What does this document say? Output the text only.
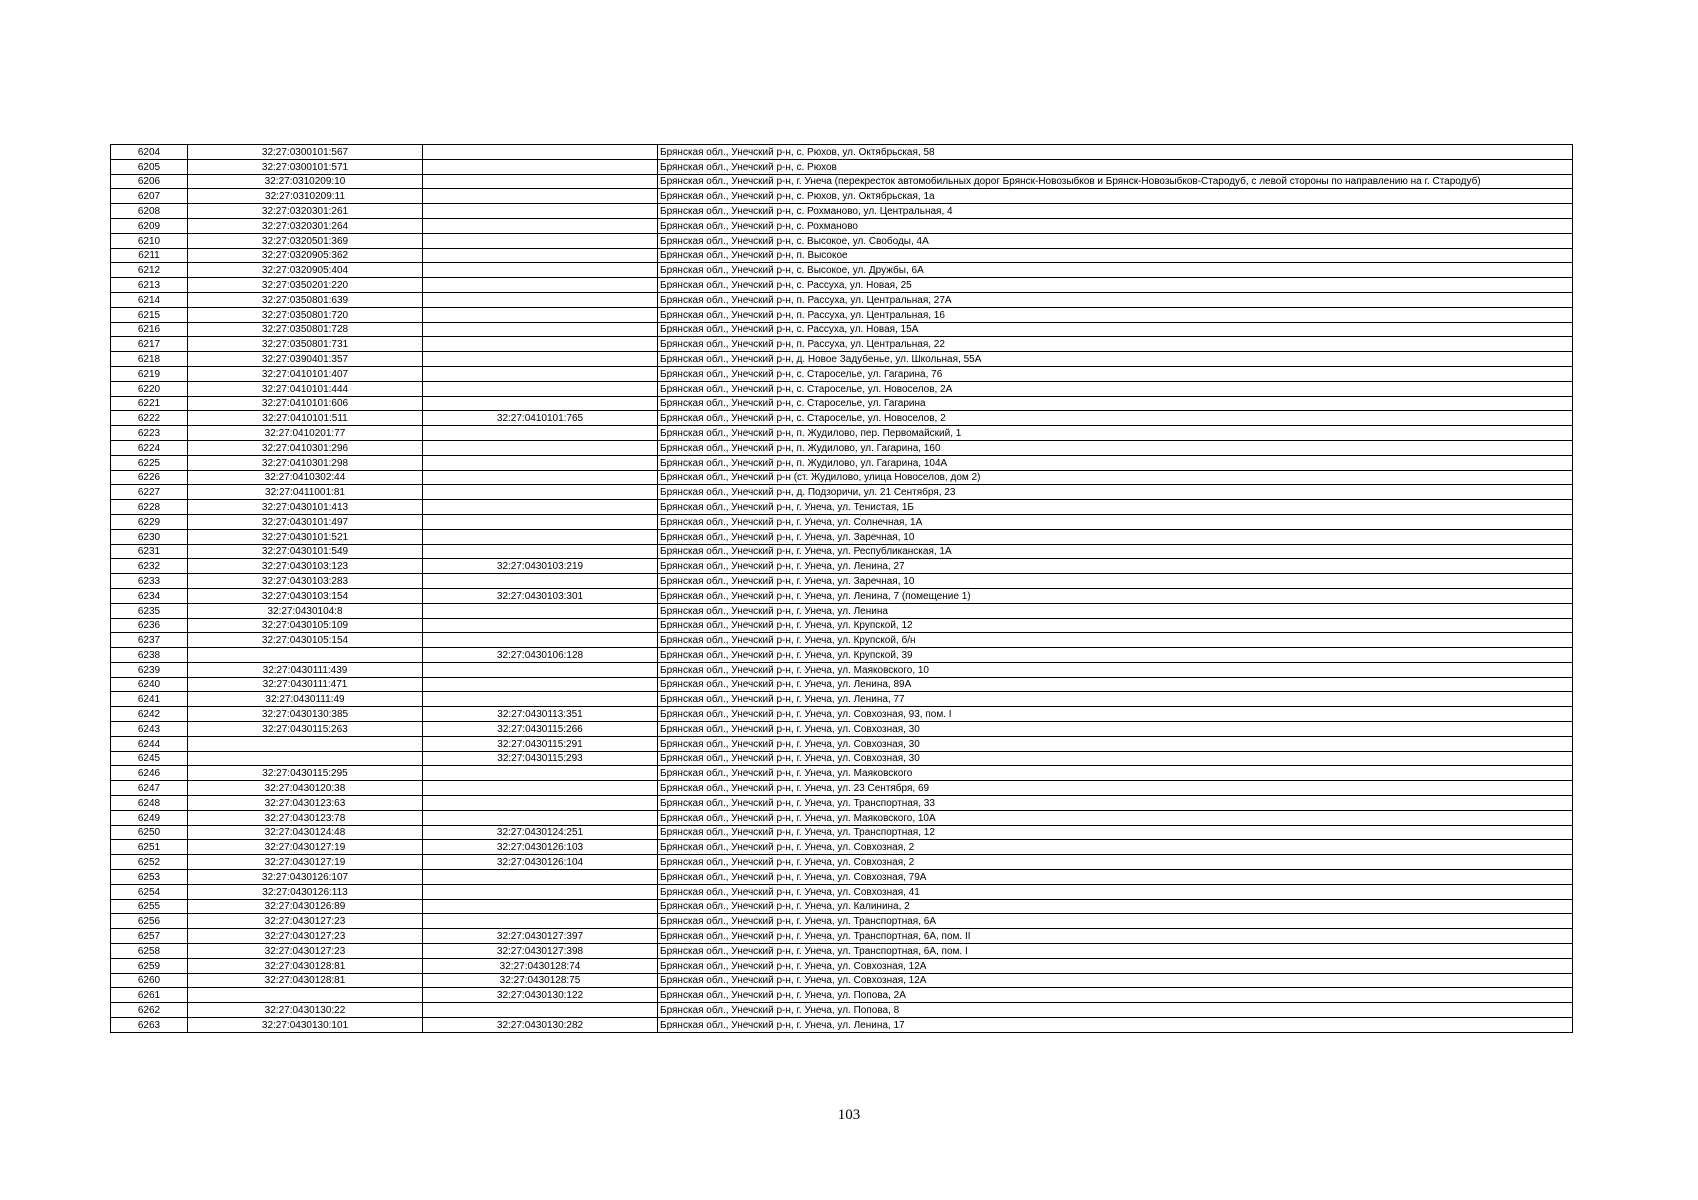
6204	32:27:0300101:567		Брянская обл., Унечский р-н, с. Рюхов, ул. Октябрьская, 58
6205	32:27:0300101:571		Брянская обл., Унечский р-н, с. Рюхов
6206	32:27:0310209:10		Брянская обл., Унечский р-н, г. Унеча (перекресток автомобильных дорог Брянск-Новозыбков и Брянск-Новозыбков-Стародуб, с левой стороны по направлению на г. Стародуб)
6207	32:27:0310209:11		Брянская обл., Унечский р-н, с. Рюхов, ул. Октябрьская, 1а
6208	32:27:0320301:261		Брянская обл., Унечский р-н, с. Рохманово, ул. Центральная, 4
6209	32:27:0320301:264		Брянская обл., Унечский р-н, с. Рохманово
6210	32:27:0320501:369		Брянская обл., Унечский р-н, с. Высокое, ул. Свободы, 4А
6211	32:27:0320905:362		Брянская обл., Унечский р-н, п. Высокое
6212	32:27:0320905:404		Брянская обл., Унечский р-н, с. Высокое, ул. Дружбы, 6А
6213	32:27:0350201:220		Брянская обл., Унечский р-н, с. Рассуха, ул. Новая, 25
6214	32:27:0350801:639		Брянская обл., Унечский р-н, п. Рассуха, ул. Центральная, 27А
6215	32:27:0350801:720		Брянская обл., Унечский р-н, п. Рассуха, ул. Центральная, 16
6216	32:27:0350801:728		Брянская обл., Унечский р-н, с. Рассуха, ул. Новая, 15А
6217	32:27:0350801:731		Брянская обл., Унечский р-н, п. Рассуха, ул. Центральная, 22
6218	32:27:0390401:357		Брянская обл., Унечский р-н, д. Новое Задубенье, ул. Школьная, 55А
6219	32:27:0410101:407		Брянская обл., Унечский р-н, с. Староселье, ул. Гагарина, 76
6220	32:27:0410101:444		Брянская обл., Унечский р-н, с. Староселье, ул. Новоселов, 2А
6221	32:27:0410101:606		Брянская обл., Унечский р-н, с. Староселье, ул. Гагарина
6222	32:27:0410101:511	32:27:0410101:765	Брянская обл., Унечский р-н, с. Староселье, ул. Новоселов, 2
6223	32:27:0410201:77		Брянская обл., Унечский р-н, п. Жудилово, пер. Первомайский, 1
6224	32:27:0410301:296		Брянская обл., Унечский р-н, п. Жудилово, ул. Гагарина, 160
6225	32:27:0410301:298		Брянская обл., Унечский р-н, п. Жудилово, ул. Гагарина, 104А
6226	32:27:0410302:44		Брянская обл., Унечский р-н (ст. Жудилово, улица Новоселов, дом 2)
6227	32:27:0411001:81		Брянская обл., Унечский р-н, д. Подзоричи, ул. 21 Сентября, 23
6228	32:27:0430101:413		Брянская обл., Унечский р-н, г. Унеча, ул. Тенистая, 1Б
6229	32:27:0430101:497		Брянская обл., Унечский р-н, г. Унеча, ул. Солнечная, 1А
6230	32:27:0430101:521		Брянская обл., Унечский р-н, г. Унеча, ул. Заречная, 10
6231	32:27:0430101:549		Брянская обл., Унечский р-н, г. Унеча, ул. Республиканская, 1А
6232	32:27:0430103:123	32:27:0430103:219	Брянская обл., Унечский р-н, г. Унеча, ул. Ленина, 27
6233	32:27:0430103:283		Брянская обл., Унечский р-н, г. Унеча, ул. Заречная, 10
6234	32:27:0430103:154	32:27:0430103:301	Брянская обл., Унечский р-н, г. Унеча, ул. Ленина, 7 (помещение 1)
6235	32:27:0430104:8		Брянская обл., Унечский р-н, г. Унеча, ул. Ленина
6236	32:27:0430105:109		Брянская обл., Унечский р-н, г. Унеча, ул. Крупской, 12
6237	32:27:0430105:154		Брянская обл., Унечский р-н, г. Унеча, ул. Крупской, б/н
6238		32:27:0430106:128	Брянская обл., Унечский р-н, г. Унеча, ул. Крупской, 39
6239	32:27:0430111:439		Брянская обл., Унечский р-н, г. Унеча, ул. Маяковского, 10
6240	32:27:0430111:471		Брянская обл., Унечский р-н, г. Унеча, ул. Ленина, 89А
6241	32:27:0430111:49		Брянская обл., Унечский р-н, г. Унеча, ул. Ленина, 77
6242	32:27:0430130:385	32:27:0430113:351	Брянская обл., Унечский р-н, г. Унеча, ул. Совхозная, 93, пом. I
6243	32:27:0430115:263	32:27:0430115:266	Брянская обл., Унечский р-н, г. Унеча, ул. Совхозная, 30
6244		32:27:0430115:291	Брянская обл., Унечский р-н, г. Унеча, ул. Совхозная, 30
6245		32:27:0430115:293	Брянская обл., Унечский р-н, г. Унеча, ул. Совхозная, 30
6246	32:27:0430115:295		Брянская обл., Унечский р-н, г. Унеча, ул. Маяковского
6247	32:27:0430120:38		Брянская обл., Унечский р-н, г. Унеча, ул. 23 Сентября, 69
6248	32:27:0430123:63		Брянская обл., Унечский р-н, г. Унеча, ул. Транспортная, 33
6249	32:27:0430123:78		Брянская обл., Унечский р-н, г. Унеча, ул. Маяковского, 10А
6250	32:27:0430124:48	32:27:0430124:251	Брянская обл., Унечский р-н, г. Унеча, ул. Транспортная, 12
6251	32:27:0430127:19	32:27:0430126:103	Брянская обл., Унечский р-н, г. Унеча, ул. Совхозная, 2
6252	32:27:0430127:19	32:27:0430126:104	Брянская обл., Унечский р-н, г. Унеча, ул. Совхозная, 2
6253	32:27:0430126:107		Брянская обл., Унечский р-н, г. Унеча, ул. Совхозная, 79А
6254	32:27:0430126:113		Брянская обл., Унечский р-н, г. Унеча, ул. Совхозная, 41
6255	32:27:0430126:89		Брянская обл., Унечский р-н, г. Унеча, ул. Калинина, 2
6256	32:27:0430127:23		Брянская обл., Унечский р-н, г. Унеча, ул. Транспортная, 6А
6257	32:27:0430127:23	32:27:0430127:397	Брянская обл., Унечский р-н, г. Унеча, ул. Транспортная, 6А, пом. II
6258	32:27:0430127:23	32:27:0430127:398	Брянская обл., Унечский р-н, г. Унеча, ул. Транспортная, 6А, пом. I
6259	32:27:0430128:81	32:27:0430128:74	Брянская обл., Унечский р-н, г. Унеча, ул. Совхозная, 12А
6260	32:27:0430128:81	32:27:0430128:75	Брянская обл., Унечский р-н, г. Унеча, ул. Совхозная, 12А
6261		32:27:0430130:122	Брянская обл., Унечский р-н, г. Унеча, ул. Попова, 2А
6262	32:27:0430130:22		Брянская обл., Унечский р-н, г. Унеча, ул. Попова, 8
6263	32:27:0430130:101	32:27:0430130:282	Брянская обл., Унечский р-н, г. Унеча, ул. Ленина, 17
103
